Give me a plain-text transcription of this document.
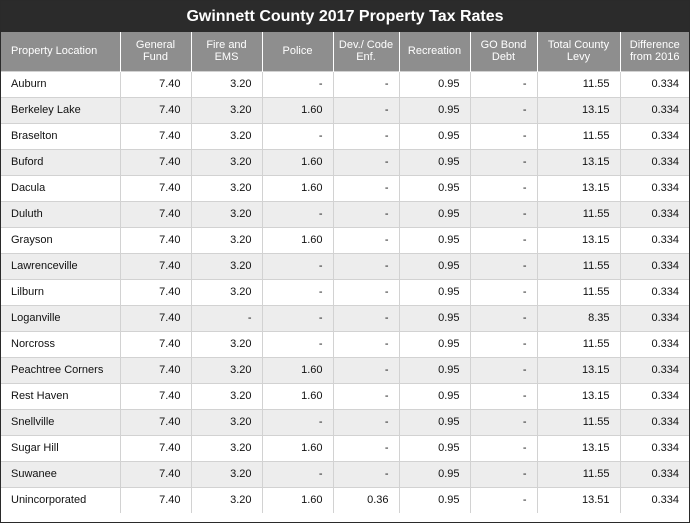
Gwinnett County 2017 Property Tax Rates
Property Location	General Fund	Fire and EMS	Police	Dev./ Code Enf.	Recreation	GO Bond Debt	Total County Levy	Difference from 2016
Auburn	7.40	3.20	-	-	0.95	-	11.55	0.334
Berkeley Lake	7.40	3.20	1.60	-	0.95	-	13.15	0.334
Braselton	7.40	3.20	-	-	0.95	-	11.55	0.334
Buford	7.40	3.20	1.60	-	0.95	-	13.15	0.334
Dacula	7.40	3.20	1.60	-	0.95	-	13.15	0.334
Duluth	7.40	3.20	-	-	0.95	-	11.55	0.334
Grayson	7.40	3.20	1.60	-	0.95	-	13.15	0.334
Lawrenceville	7.40	3.20	-	-	0.95	-	11.55	0.334
Lilburn	7.40	3.20	-	-	0.95	-	11.55	0.334
Loganville	7.40	-	-	-	0.95	-	8.35	0.334
Norcross	7.40	3.20	-	-	0.95	-	11.55	0.334
Peachtree Corners	7.40	3.20	1.60	-	0.95	-	13.15	0.334
Rest Haven	7.40	3.20	1.60	-	0.95	-	13.15	0.334
Snellville	7.40	3.20	-	-	0.95	-	11.55	0.334
Sugar Hill	7.40	3.20	1.60	-	0.95	-	13.15	0.334
Suwanee	7.40	3.20	-	-	0.95	-	11.55	0.334
Unincorporated	7.40	3.20	1.60	0.36	0.95	-	13.51	0.334
